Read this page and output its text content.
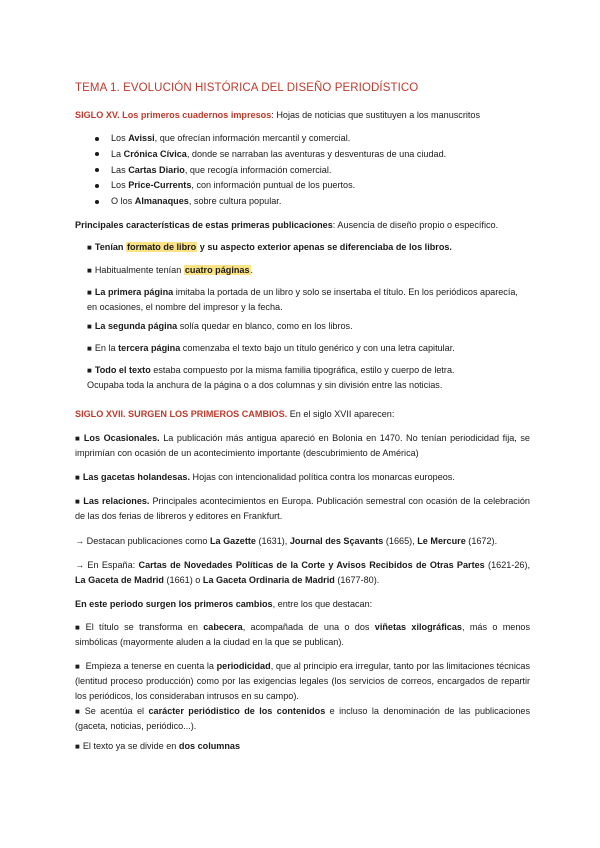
TEMA 1. EVOLUCIÓN HISTÓRICA DEL DISEÑO PERIODÍSTICO
SIGLO XV. Los primeros cuadernos impresos: Hojas de noticias que sustituyen a los manuscritos
Los Avissi, que ofrecían información mercantil y comercial.
La Crónica Cívica, donde se narraban las aventuras y desventuras de una ciudad.
Las Cartas Diario, que recogía información comercial.
Los Price-Currents, con información puntual de los puertos.
O los Almanaques, sobre cultura popular.
Principales características de estas primeras publicaciones: Ausencia de diseño propio o específico.
■ Tenían formato de libro y su aspecto exterior apenas se diferenciaba de los libros.
■ Habitualmente tenían cuatro páginas.
■ La primera página imitaba la portada de un libro y solo se insertaba el título. En los periódicos aparecía, en ocasiones, el nombre del impresor y la fecha.
■ La segunda página solía quedar en blanco, como en los libros.
■ En la tercera página comenzaba el texto bajo un título genérico y con una letra capitular.
■ Todo el texto estaba compuesto por la misma familia tipográfica, estilo y cuerpo de letra.
Ocupaba toda la anchura de la página o a dos columnas y sin división entre las noticias.
SIGLO XVII. SURGEN LOS PRIMEROS CAMBIOS. En el siglo XVII aparecen:
■ Los Ocasionales. La publicación más antigua apareció en Bolonia en 1470. No tenían periodicidad fija, se imprimían con ocasión de un acontecimiento importante (descubrimiento de América)
■ Las gacetas holandesas. Hojas con intencionalidad política contra los monarcas europeos.
■ Las relaciones. Principales acontecimientos en Europa. Publicación semestral con ocasión de la celebración de las dos ferias de libreros y editores en Frankfurt.
→ Destacan publicaciones como La Gazette (1631), Journal des Sçavants (1665), Le Mercure (1672).
→ En España: Cartas de Novedades Políticas de la Corte y Avisos Recibidos de Otras Partes (1621-26), La Gaceta de Madrid (1661) o La Gaceta Ordinaria de Madrid (1677-80).
En este periodo surgen los primeros cambios, entre los que destacan:
■ El título se transforma en cabecera, acompañada de una o dos viñetas xilográficas, más o menos simbólicas (mayormente aluden a la ciudad en la que se publican).
■ Empieza a tenerse en cuenta la periodicidad, que al principio era irregular, tanto por las limitaciones técnicas (lentitud proceso producción) como por las exigencias legales (los servicios de correos, encargados de repartir los periódicos, los consideraban intrusos en su campo).
■ Se acentúa el carácter periódistico de los contenidos e incluso la denominación de las publicaciones (gaceta, noticias, periódico...).
■ El texto ya se divide en dos columnas
